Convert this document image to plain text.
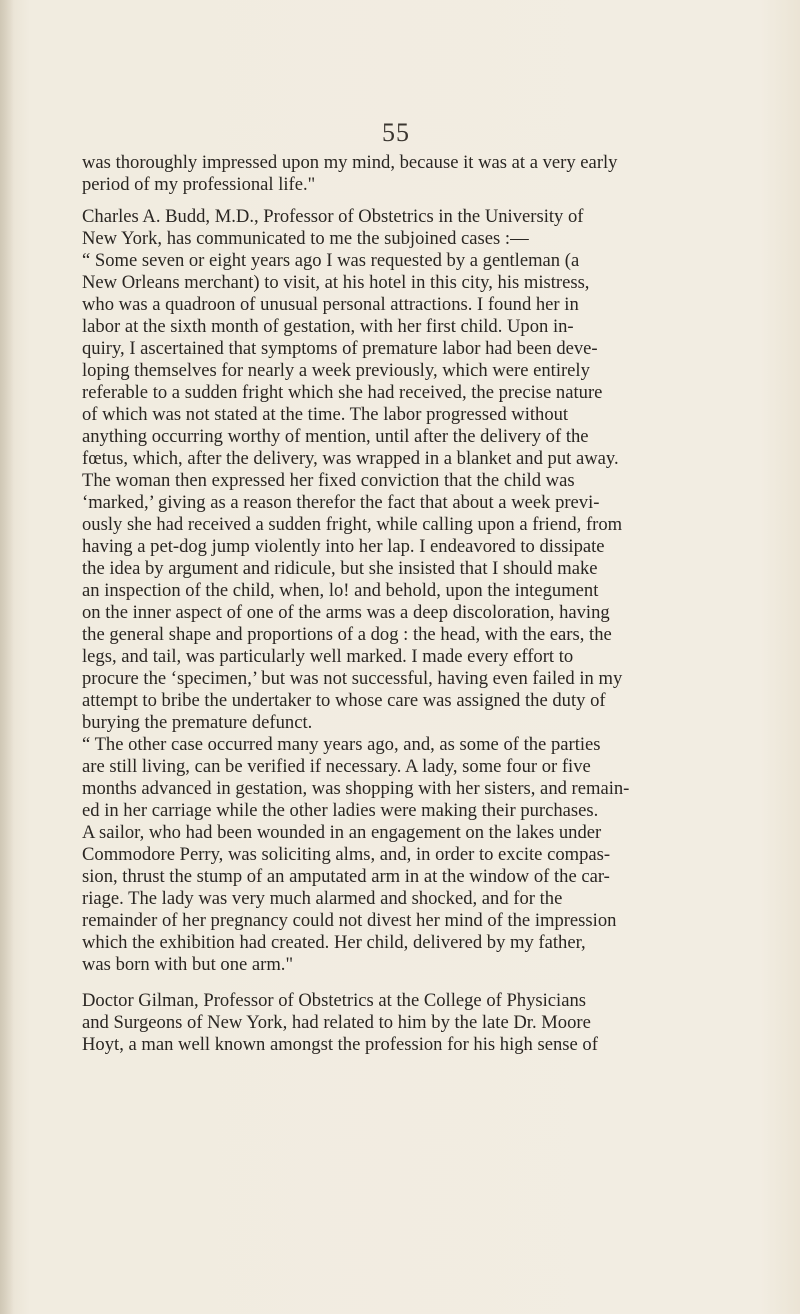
55
was thoroughly impressed upon my mind, because it was at a very early
period of my professional life."
Charles A. Budd, M.D., Professor of Obstetrics in the University of
New York, has communicated to me the subjoined cases :—
“ Some seven or eight years ago I was requested by a gentleman (a
New Orleans merchant) to visit, at his hotel in this city, his mistress,
who was a quadroon of unusual personal attractions. I found her in
labor at the sixth month of gestation, with her first child. Upon in-
quiry, I ascertained that symptoms of premature labor had been deve-
loping themselves for nearly a week previously, which were entirely
referable to a sudden fright which she had received, the precise nature
of which was not stated at the time. The labor progressed without
anything occurring worthy of mention, until after the delivery of the
fœtus, which, after the delivery, was wrapped in a blanket and put away.
The woman then expressed her fixed conviction that the child was
‘marked,’ giving as a reason therefor the fact that about a week previ-
ously she had received a sudden fright, while calling upon a friend, from
having a pet-dog jump violently into her lap. I endeavored to dissipate
the idea by argument and ridicule, but she insisted that I should make
an inspection of the child, when, lo! and behold, upon the integument
on the inner aspect of one of the arms was a deep discoloration, having
the general shape and proportions of a dog : the head, with the ears, the
legs, and tail, was particularly well marked. I made every effort to
procure the ‘specimen,’ but was not successful, having even failed in my
attempt to bribe the undertaker to whose care was assigned the duty of
burying the premature defunct.
“ The other case occurred many years ago, and, as some of the parties
are still living, can be verified if necessary. A lady, some four or five
months advanced in gestation, was shopping with her sisters, and remain-
ed in her carriage while the other ladies were making their purchases.
A sailor, who had been wounded in an engagement on the lakes under
Commodore Perry, was soliciting alms, and, in order to excite compas-
sion, thrust the stump of an amputated arm in at the window of the car-
riage. The lady was very much alarmed and shocked, and for the
remainder of her pregnancy could not divest her mind of the impression
which the exhibition had created. Her child, delivered by my father,
was born with but one arm."
Doctor Gilman, Professor of Obstetrics at the College of Physicians
and Surgeons of New York, had related to him by the late Dr. Moore
Hoyt, a man well known amongst the profession for his high sense of
